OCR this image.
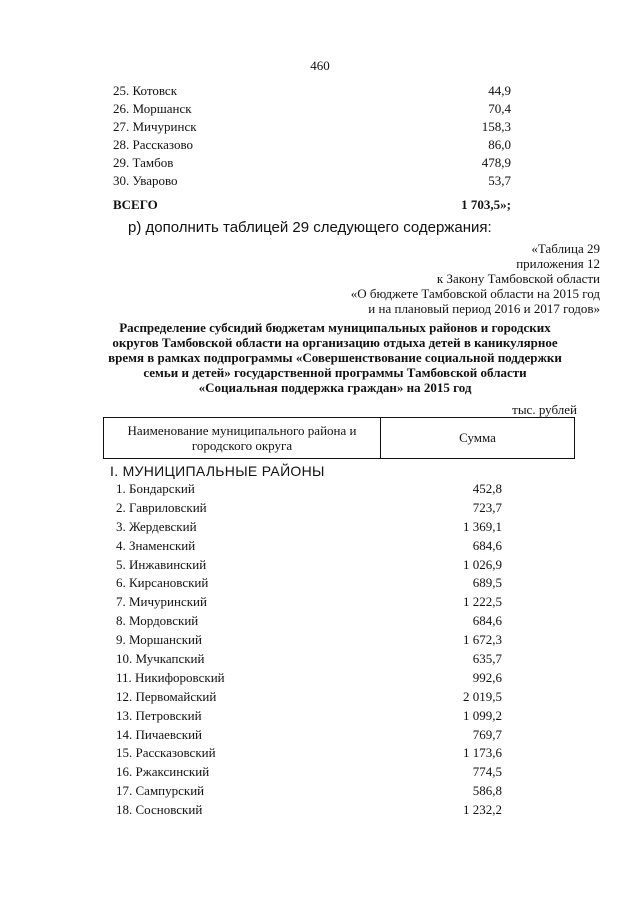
460
25. Котовск	44,9
26. Моршанск	70,4
27. Мичуринск	158,3
28. Рассказово	86,0
29. Тамбов	478,9
30. Уварово	53,7
ВСЕГО	1 703,5»;
р) дополнить таблицей 29 следующего содержания:
«Таблица 29
приложения 12
к Закону Тамбовской области
«О бюджете Тамбовской области на 2015 год
и на плановый период 2016 и 2017 годов»
Распределение субсидий бюджетам муниципальных районов и городских
округов Тамбовской области на организацию отдыха детей в каникулярное
время в рамках подпрограммы «Совершенствование социальной поддержки
семьи и детей» государственной программы Тамбовской области
«Социальная поддержка граждан» на 2015 год
тыс. рублей
Наименование муниципального района и
городского округа
Сумма
I. МУНИЦИПАЛЬНЫЕ РАЙОНЫ
1. Бондарский	452,8
2. Гавриловский	723,7
3. Жердевский	1 369,1
4. Знаменский	684,6
5. Инжавинский	1 026,9
6. Кирсановский	689,5
7. Мичуринский	1 222,5
8. Мордовский	684,6
9. Моршанский	1 672,3
10. Мучкапский	635,7
11. Никифоровский	992,6
12. Первомайский	2 019,5
13. Петровский	1 099,2
14. Пичаевский	769,7
15. Рассказовский	1 173,6
16. Ржаксинский	774,5
17. Сампурский	586,8
18. Сосновский	1 232,2
